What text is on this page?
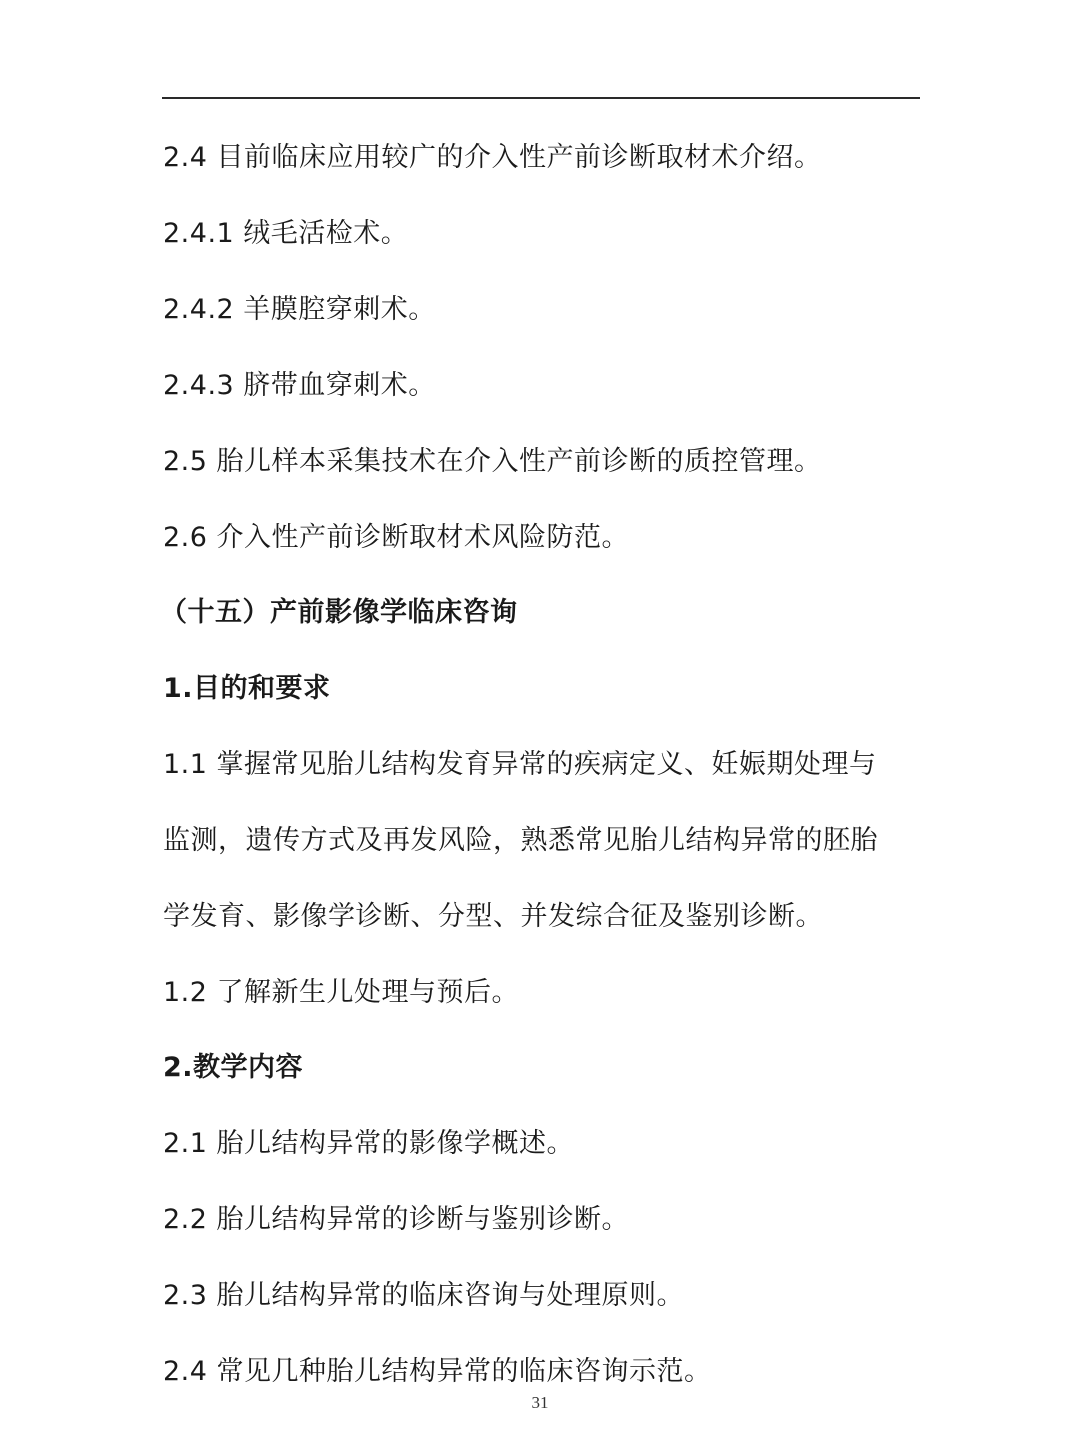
2.4 目前临床应用较广的介入性产前诊断取材术介绍。
2.4.1 绒毛活检术。
2.4.2 羊膜腔穿刺术。
2.4.3 脐带血穿刺术。
2.5 胎儿样本采集技术在介入性产前诊断的质控管理。
2.6 介入性产前诊断取材术风险防范。
（十五）产前影像学临床咨询
1.目的和要求
1.1 掌握常见胎儿结构发育异常的疾病定义、妊娠期处理与
监测，遗传方式及再发风险，熟悉常见胎儿结构异常的胚胎
学发育、影像学诊断、分型、并发综合征及鉴别诊断。
1.2 了解新生儿处理与预后。
2.教学内容
2.1 胎儿结构异常的影像学概述。
2.2 胎儿结构异常的诊断与鉴别诊断。
2.3 胎儿结构异常的临床咨询与处理原则。
2.4 常见几种胎儿结构异常的临床咨询示范。
31
